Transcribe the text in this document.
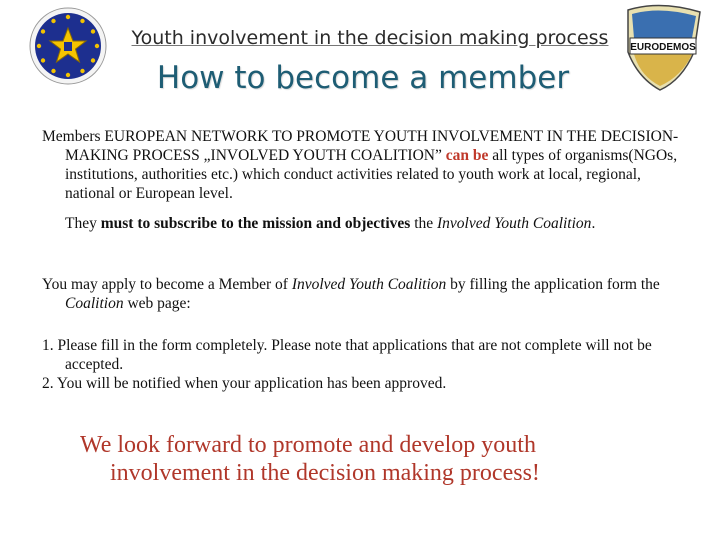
EURODEMOS
Youth involvement in the decision making process
How to become a member

Members EUROPEAN NETWORK TO PROMOTE YOUTH INVOLVEMENT IN THE DECISION-MAKING PROCESS „INVOLVED YOUTH COALITION” can be all types of organisms(NGOs, institutions, authorities etc.) which conduct activities related to youth work at local, regional, national or European level.

They must to subscribe to the mission and objectives the Involved Youth Coalition.

You may apply to become a Member of Involved Youth Coalition by filling the application form the Coalition web page:

1. Please fill in the form completely. Please note that applications that are not complete will not be accepted.

2. You will be notified when your application has been approved.

We look forward to promote and develop youth
involvement in the decision making process!
